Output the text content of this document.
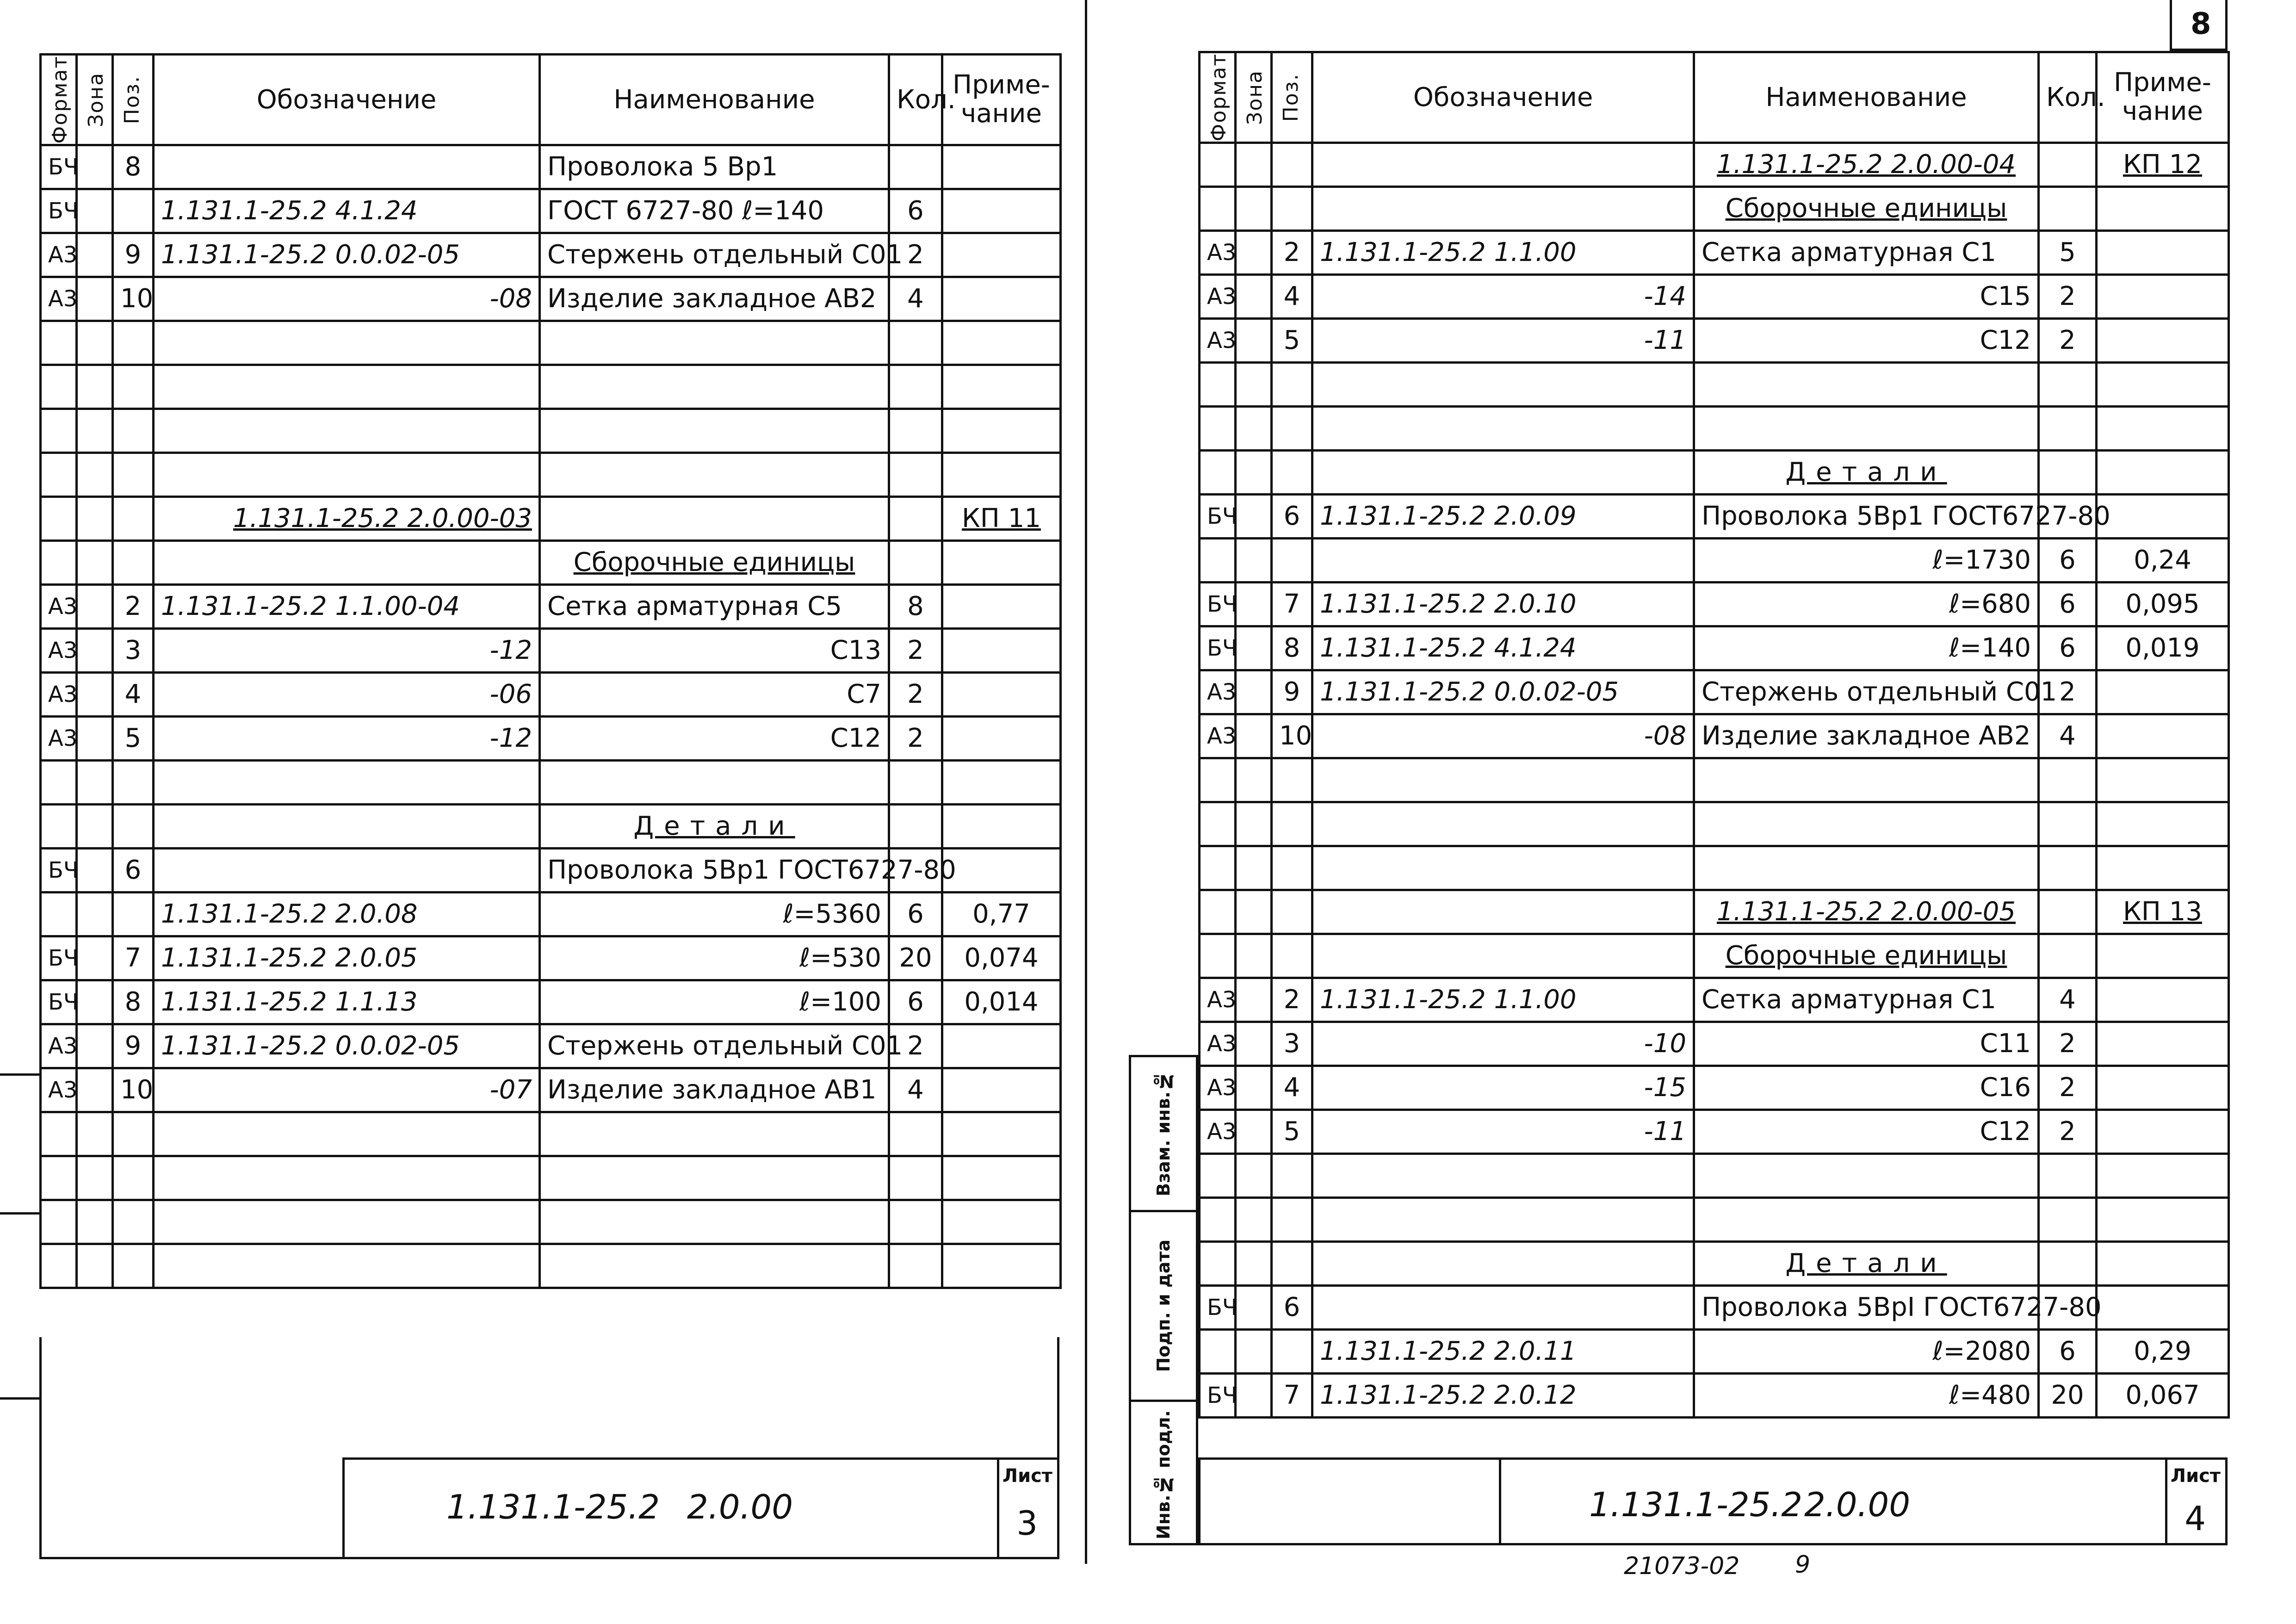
Формат	Зона	Поз.	Обозначение	Наименование	Кол.	Приме- чание
БЧ		8		Проволока 5 Вр1		
БЧ			1.131.1-25.2 4.1.24	ГОСТ 6727-80 ℓ=140	6	
А3		9	1.131.1-25.2 0.0.02-05	Стержень отдельный С01	2	
А3		10	-08	Изделие закладное АВ2	4	

			1.131.1-25.2 2.0.00-03			КП 11
				Сборочные единицы		
А3		2	1.131.1-25.2 1.1.00-04	Сетка арматурная С5	8	
А3		3	-12	С13	2	
А3		4	-06	С7	2	
А3		5	-12	С12	2	

				Детали		
БЧ		6		Проволока 5Вр1 ГОСТ6727-80		
			1.131.1-25.2 2.0.08	ℓ=5360	6	0,77
БЧ		7	1.131.1-25.2 2.0.05	ℓ=530	20	0,074
БЧ		8	1.131.1-25.2 1.1.13	ℓ=100	6	0,014
А3		9	1.131.1-25.2 0.0.02-05	Стержень отдельный С01	2	
А3		10	-07	Изделие закладное АВ1	4	

1.131.1-25.2 2.0.00
Лист
3
8
Формат	Зона	Поз.	Обозначение	Наименование	Кол.	Приме- чание
				1.131.1-25.2 2.0.00-04		КП 12
				Сборочные единицы		
А3		2	1.131.1-25.2 1.1.00	Сетка арматурная С1	5	
А3		4	-14	С15	2	
А3		5	-11	С12	2	

				Детали		
БЧ		6	1.131.1-25.2 2.0.09	Проволока 5Вр1 ГОСТ6727-80		
				ℓ=1730	6	0,24
БЧ		7	1.131.1-25.2 2.0.10	ℓ=680	6	0,095
БЧ		8	1.131.1-25.2 4.1.24	ℓ=140	6	0,019
А3		9	1.131.1-25.2 0.0.02-05	Стержень отдельный С01	2	
А3		10	-08	Изделие закладное АВ2	4	

				1.131.1-25.2 2.0.00-05		КП 13
				Сборочные единицы		
А3		2	1.131.1-25.2 1.1.00	Сетка арматурная С1	4	
А3		3	-10	С11	2	
А3		4	-15	С16	2	
А3		5	-11	С12	2	

				Детали		
БЧ		6		Проволока 5ВрI ГОСТ6727-80		
			1.131.1-25.2 2.0.11	ℓ=2080	6	0,29
БЧ		7	1.131.1-25.2 2.0.12	ℓ=480	20	0,067
Инв.№ подл.
Подп. и дата
Взам. инв.№
1.131.1-25.2 2.0.00
Лист
4
21073-02 9
